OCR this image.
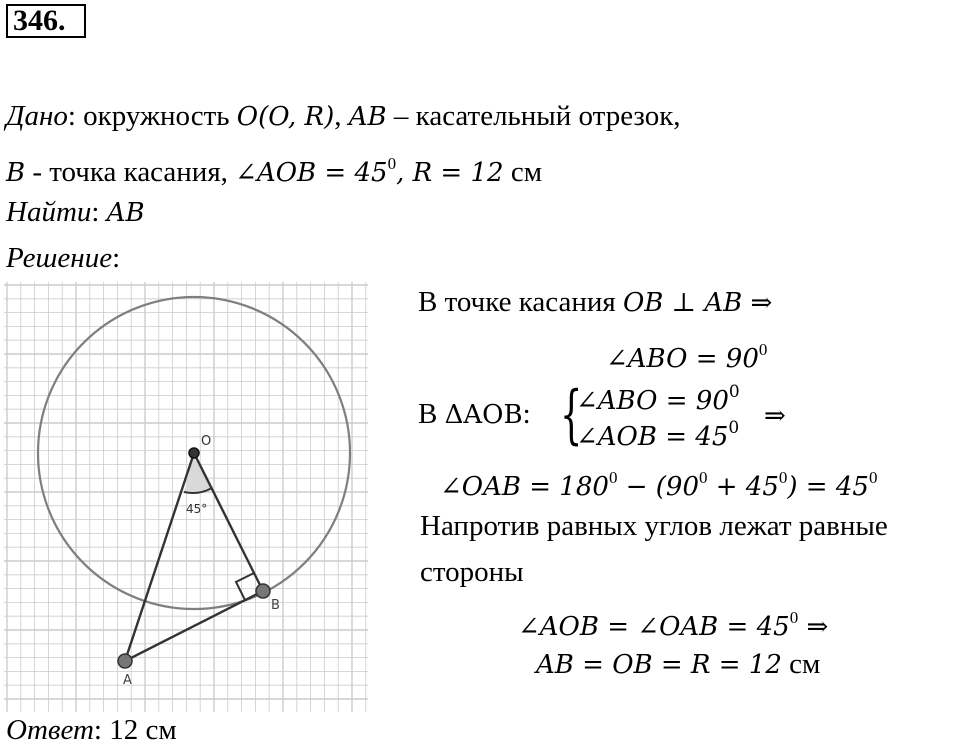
346.
Дано: окружность O(O, R), AB – касательный отрезок,
B - точка касания, ∠AOB = $45^0$, R = 12 см
Найти: AB
Решение:
O
A
B
45°
В точке касания OB ⊥ AB ⇒
∠ABO = $90^0$
В ΔAOB: {
∠ABO = $90^0$
∠AOB = $45^0$ ⇒
∠OAB = $180^0 - (90^0 + 45^0) = 45^0$
Напротив равных углов лежат равные
стороны
∠AOB = ∠OAB = $45^0$ ⇒
AB = OB = R = 12 см
Ответ: 12 см
